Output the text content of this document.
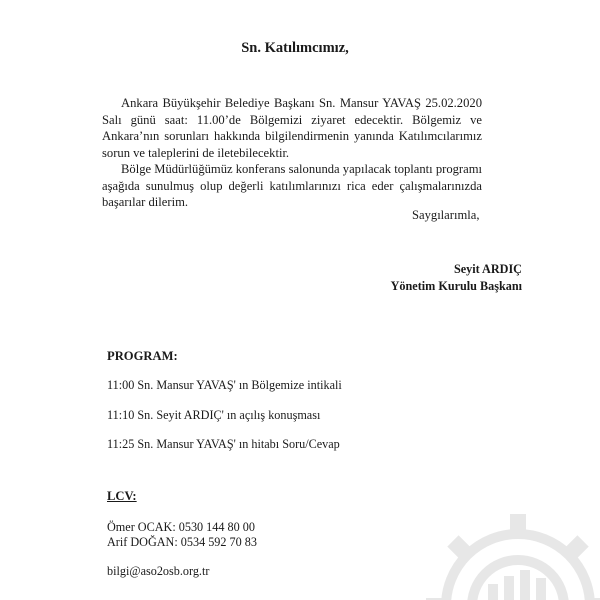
Sn. Katılımcımız,
Ankara Büyükşehir Belediye Başkanı Sn. Mansur YAVAŞ 25.02.2020 Salı günü saat: 11.00’de Bölgemizi ziyaret edecektir. Bölgemiz ve Ankara’nın sorunları hakkında bilgilendirmenin yanında Katılımcılarımız sorun ve taleplerini de iletebilecektir.
Bölge Müdürlüğümüz konferans salonunda yapılacak toplantı programı aşağıda sunulmuş olup değerli katılımlarınızı rica eder çalışmalarınızda başarılar dilerim.
Saygılarımla,
Seyit ARDIÇ
Yönetim Kurulu Başkanı
PROGRAM:
11:00 Sn. Mansur YAVAŞ' ın Bölgemize intikali
11:10 Sn. Seyit ARDIÇ' ın açılış konuşması
11:25 Sn. Mansur YAVAŞ' ın hitabı Soru/Cevap
LCV:
Ömer OCAK: 0530 144 80 00
Arif DOĞAN: 0534 592 70 83
bilgi@aso2osb.org.tr
